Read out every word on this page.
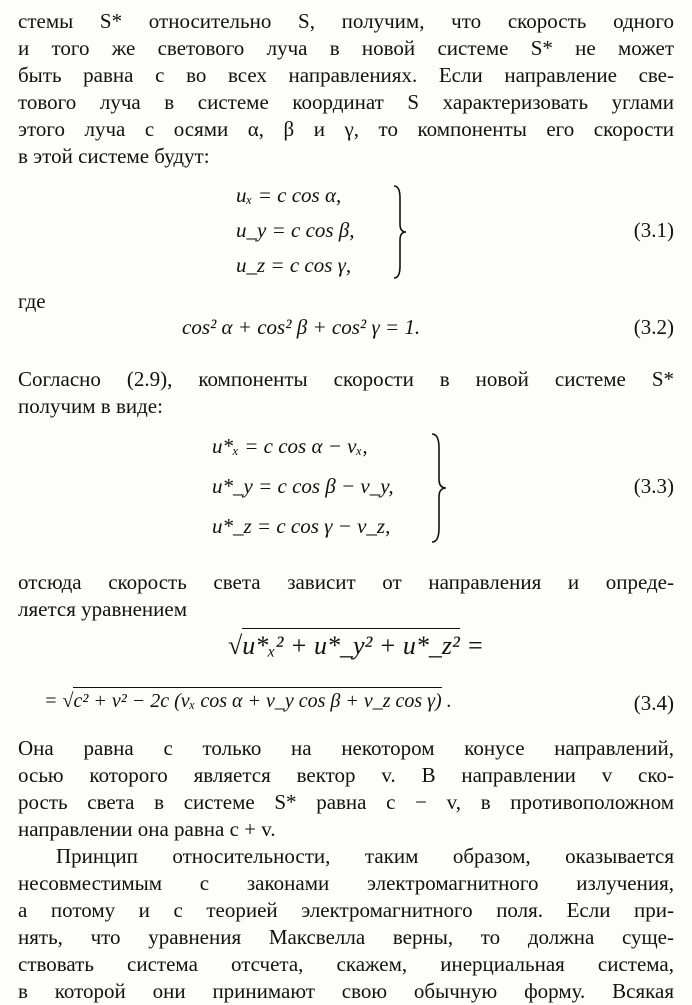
стемы S* относительно S, получим, что скорость одного
и того же светового луча в новой системе S* не может
быть равна c во всех направлениях. Если направление све-
тового луча в системе координат S характеризовать углами
этого луча с осями α, β и γ, то компоненты его скорости
в этой системе будут:
uₓ = c cos α,
u_y = c cos β,
u_z = c cos γ,
(3.1)
где
cos² α + cos² β + cos² γ = 1.	(3.2)
Согласно (2.9), компоненты скорости в новой системе S*
получим в виде:
u*ₓ = c cos α − vₓ,
u*_y = c cos β − v_y,
u*_z = c cos γ − v_z,
(3.3)
отсюда скорость света зависит от направления и опреде-
ляется уравнением
√u*ₓ² + u*_y² + u*_z² =
= √c² + v² − 2c (vₓ cos α + v_y cos β + v_z cos γ) .	(3.4)
Она равна c только на некотором конусе направлений,
осью которого является вектор v. В направлении v ско-
рость света в системе S* равна c − v, в противоположном
направлении она равна c + v.
Принцип относительности, таким образом, оказывается
несовместимым с законами электромагнитного излучения,
а потому и с теорией электромагнитного поля. Если при-
нять, что уравнения Максвелла верны, то должна суще-
ствовать система отсчета, скажем, инерциальная система,
в которой они принимают свою обычную форму. Всякая
